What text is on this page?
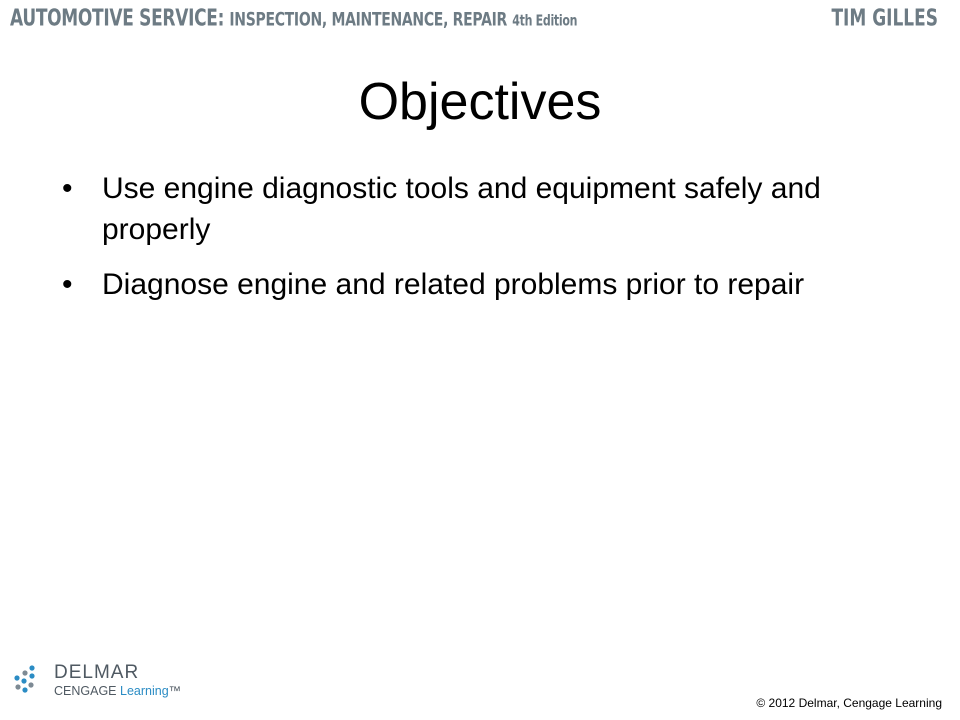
AUTOMOTIVE SERVICE: INSPECTION, MAINTENANCE, REPAIR 4th Edition	TIM GILLES
Objectives
• Use engine diagnostic tools and equipment safely and properly
• Diagnose engine and related problems prior to repair
DELMAR
CENGAGE Learning™
© 2012 Delmar, Cengage Learning
